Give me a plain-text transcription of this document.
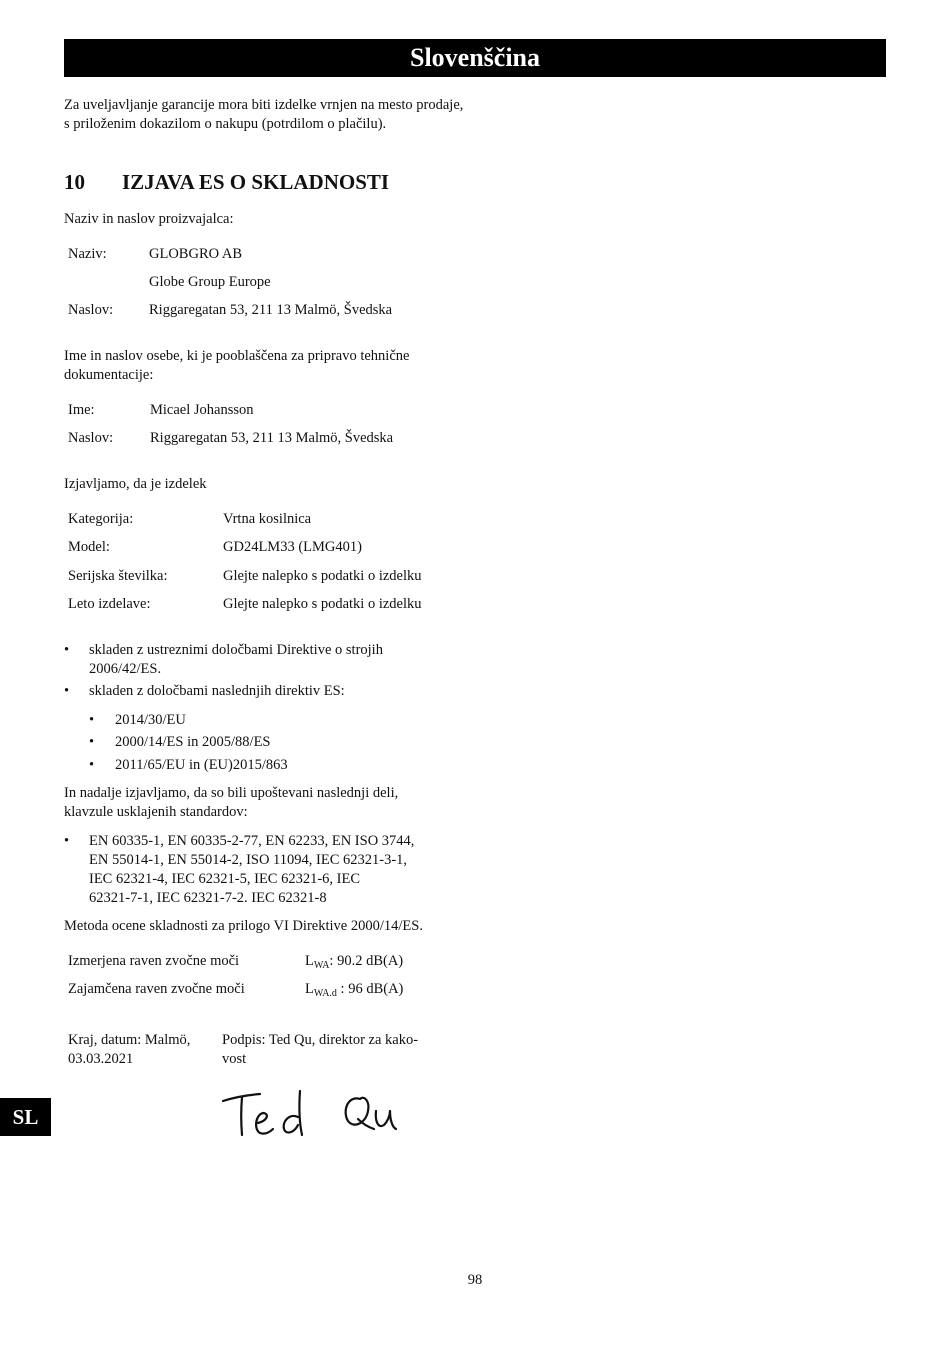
Slovenščina
Za uveljavljanje garancije mora biti izdelke vrnjen na mesto prodaje, s priloženim dokazilom o nakupu (potrdilom o plačilu).
10 IZJAVA ES O SKLADNOSTI
Naziv in naslov proizvajalca:
Naziv:	GLOBGRO AB
Globe Group Europe
Naslov: Riggaregatan 53, 211 13 Malmö, Švedska
Ime in naslov osebe, ki je pooblaščena za pripravo tehnične dokumentacije:
Ime:	Micael Johansson
Naslov:	Riggaregatan 53, 211 13 Malmö, Švedska
Izjavljamo, da je izdelek
Kategorija:	Vrtna kosilnica
Model:	GD24LM33 (LMG401)
Serijska številka:	Glejte nalepko s podatki o izdelku
Leto izdelave:	Glejte nalepko s podatki o izdelku
• skladen z ustreznimi določbami Direktive o strojih
2006/42/ES.
• skladen z določbami naslednjih direktiv ES:
• 2014/30/EU
• 2000/14/ES in 2005/88/ES
• 2011/65/EU in (EU)2015/863
In nadalje izjavljamo, da so bili upoštevani naslednji deli, klavzule usklajenih standardov:
• EN 60335-1, EN 60335-2-77, EN 62233, EN ISO 3744,
EN 55014-1, EN 55014-2, ISO 11094, IEC 62321-3-1,
IEC 62321-4, IEC 62321-5, IEC 62321-6, IEC
62321-7-1, IEC 62321-7-2. IEC 62321-8
Metoda ocene skladnosti za prilogo VI Direktive 2000/14/ES.
Izmerjena raven zvočne moči	$L_{WA}$: 90.2 dB(A)
Zajamčena raven zvočne moči	$L_{WA.d}$ : 96 dB(A)
Kraj, datum: Malmö,
03.03.2021
Podpis: Ted Qu, direktor za kako-
vost
SL
98
